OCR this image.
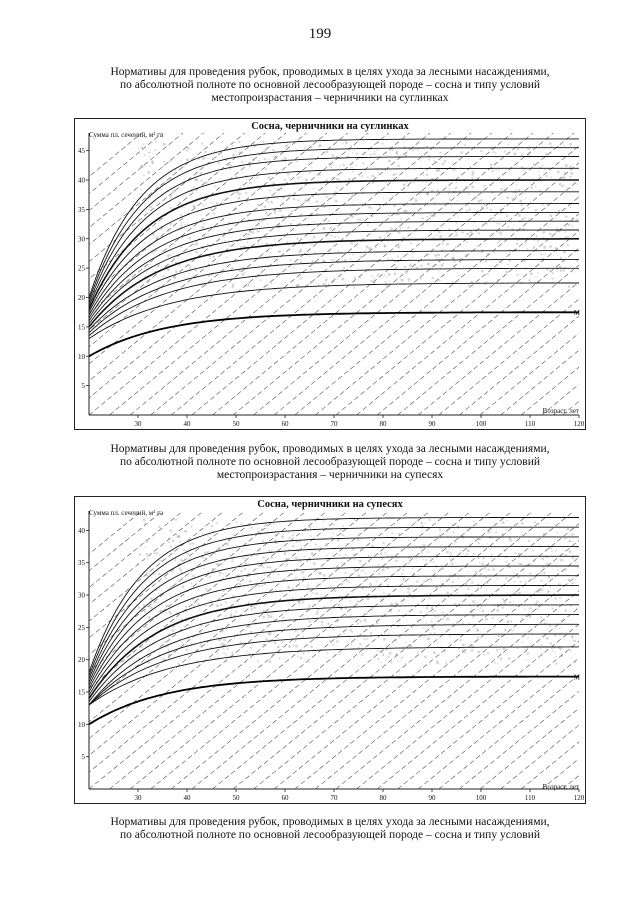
199
Нормативы для проведения рубок, проводимых в целях ухода за лесными насаждениями,
по абсолютной полноте по основной лесообразующей породе – сосна и типу условий
местопроизрастания – черничники на суглинках
Сосна, черничники на суглинках
Сумма пл. сечений, м² га
Возраст, лет
30	40	50	60	70	80	90	100	110	120
5
10
15
20
25
30
35
40
45
M
Нормативы для проведения рубок, проводимых в целях ухода за лесными насаждениями,
по абсолютной полноте по основной лесообразующей породе – сосна и типу условий
местопроизрастания – черничники на супесях
Сосна, черничники на супесях
Сумма пл. сечений, м² га
Возраст, лет
30	40	50	60	70	80	90	100	110	120
5
10
15
20
25
30
35
40
M
Нормативы для проведения рубок, проводимых в целях ухода за лесными насаждениями,
по абсолютной полноте по основной лесообразующей породе – сосна и типу условий
